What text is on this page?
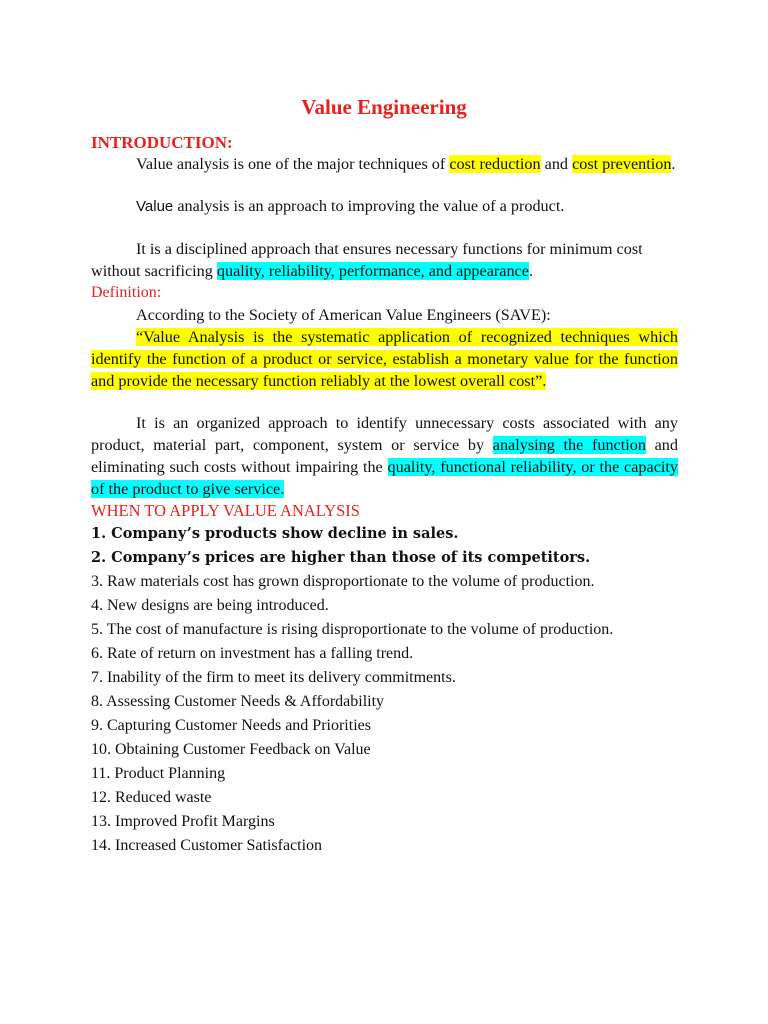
Value Engineering

INTRODUCTION:

Value analysis is one of the major techniques of cost reduction and cost prevention.

Value analysis is an approach to improving the value of a product.

It is a disciplined approach that ensures necessary functions for minimum cost without sacrificing quality, reliability, performance, and appearance.

Definition:

According to the Society of American Value Engineers (SAVE):

“Value Analysis is the systematic application of recognized techniques which identify the function of a product or service, establish a monetary value for the function and provide the necessary function reliably at the lowest overall cost”.

It is an organized approach to identify unnecessary costs associated with any product, material part, component, system or service by analysing the function and eliminating such costs without impairing the quality, functional reliability, or the capacity of the product to give service.

WHEN TO APPLY VALUE ANALYSIS

1. Company’s products show decline in sales.
2. Company’s prices are higher than those of its competitors.
3. Raw materials cost has grown disproportionate to the volume of production.
4. New designs are being introduced.
5. The cost of manufacture is rising disproportionate to the volume of production.
6. Rate of return on investment has a falling trend.
7. Inability of the firm to meet its delivery commitments.
8. Assessing Customer Needs & Affordability
9. Capturing Customer Needs and Priorities
10. Obtaining Customer Feedback on Value
11. Product Planning
12. Reduced waste
13. Improved Profit Margins
14. Increased Customer Satisfaction
